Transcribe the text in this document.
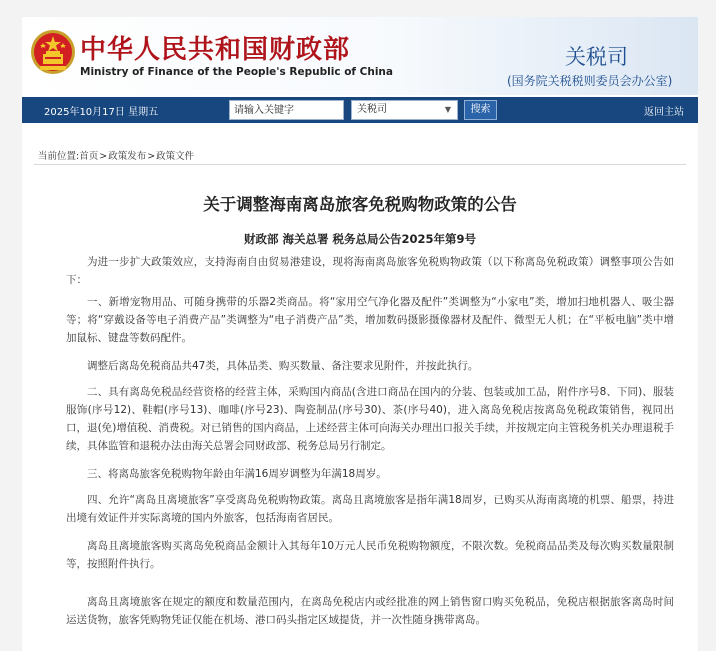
中华人民共和国财政部
Ministry of Finance of the People's Republic of China
关税司
(国务院关税税则委员会办公室)
2025年10月17日 星期五
请输入关键字	关税司	▼	搜索	返回主站
当前位置:首页>政策发布>政策文件
关于调整海南离岛旅客免税购物政策的公告
财政部 海关总署 税务总局公告2025年第9号

为进一步扩大政策效应，支持海南自由贸易港建设，现将海南离岛旅客免税购物政策（以下称离岛免税政策）调整事项公告如下：

一、新增宠物用品、可随身携带的乐器2类商品。将“家用空气净化器及配件”类调整为“小家电”类，增加扫地机器人、吸尘器等；将“穿戴设备等电子消费产品”类调整为“电子消费产品”类，增加数码摄影摄像器材及配件、微型无人机；在“平板电脑”类中增加鼠标、键盘等数码配件。

调整后离岛免税商品共47类，具体品类、购买数量、备注要求见附件，并按此执行。

二、具有离岛免税品经营资格的经营主体，采购国内商品(含进口商品在国内的分装、包装或加工品，附件序号8、下同)、服装服饰(序号12)、鞋帽(序号13)、咖啡(序号23)、陶瓷制品(序号30)、茶(序号40)，进入离岛免税店按离岛免税政策销售，视同出口，退(免)增值税、消费税。对已销售的国内商品，上述经营主体可向海关办理出口报关手续，并按规定向主管税务机关办理退税手续，具体监管和退税办法由海关总署会同财政部、税务总局另行制定。

三、将离岛旅客免税购物年龄由年满16周岁调整为年满18周岁。

四、允许“离岛且离境旅客”享受离岛免税购物政策。离岛且离境旅客是指年满18周岁，已购买从海南离境的机票、船票，持进出境有效证件并实际离境的国内外旅客，包括海南省居民。

离岛且离境旅客购买离岛免税商品金额计入其每年10万元人民币免税购物额度，不限次数。免税商品品类及每次购买数量限制等，按照附件执行。

离岛且离境旅客在规定的额度和数量范围内，在离岛免税店内或经批准的网上销售窗口购买免税品，免税店根据旅客离岛时间运送货物，旅客凭购物凭证仅能在机场、港口码头指定区域提货，并一次性随身携带离岛。
